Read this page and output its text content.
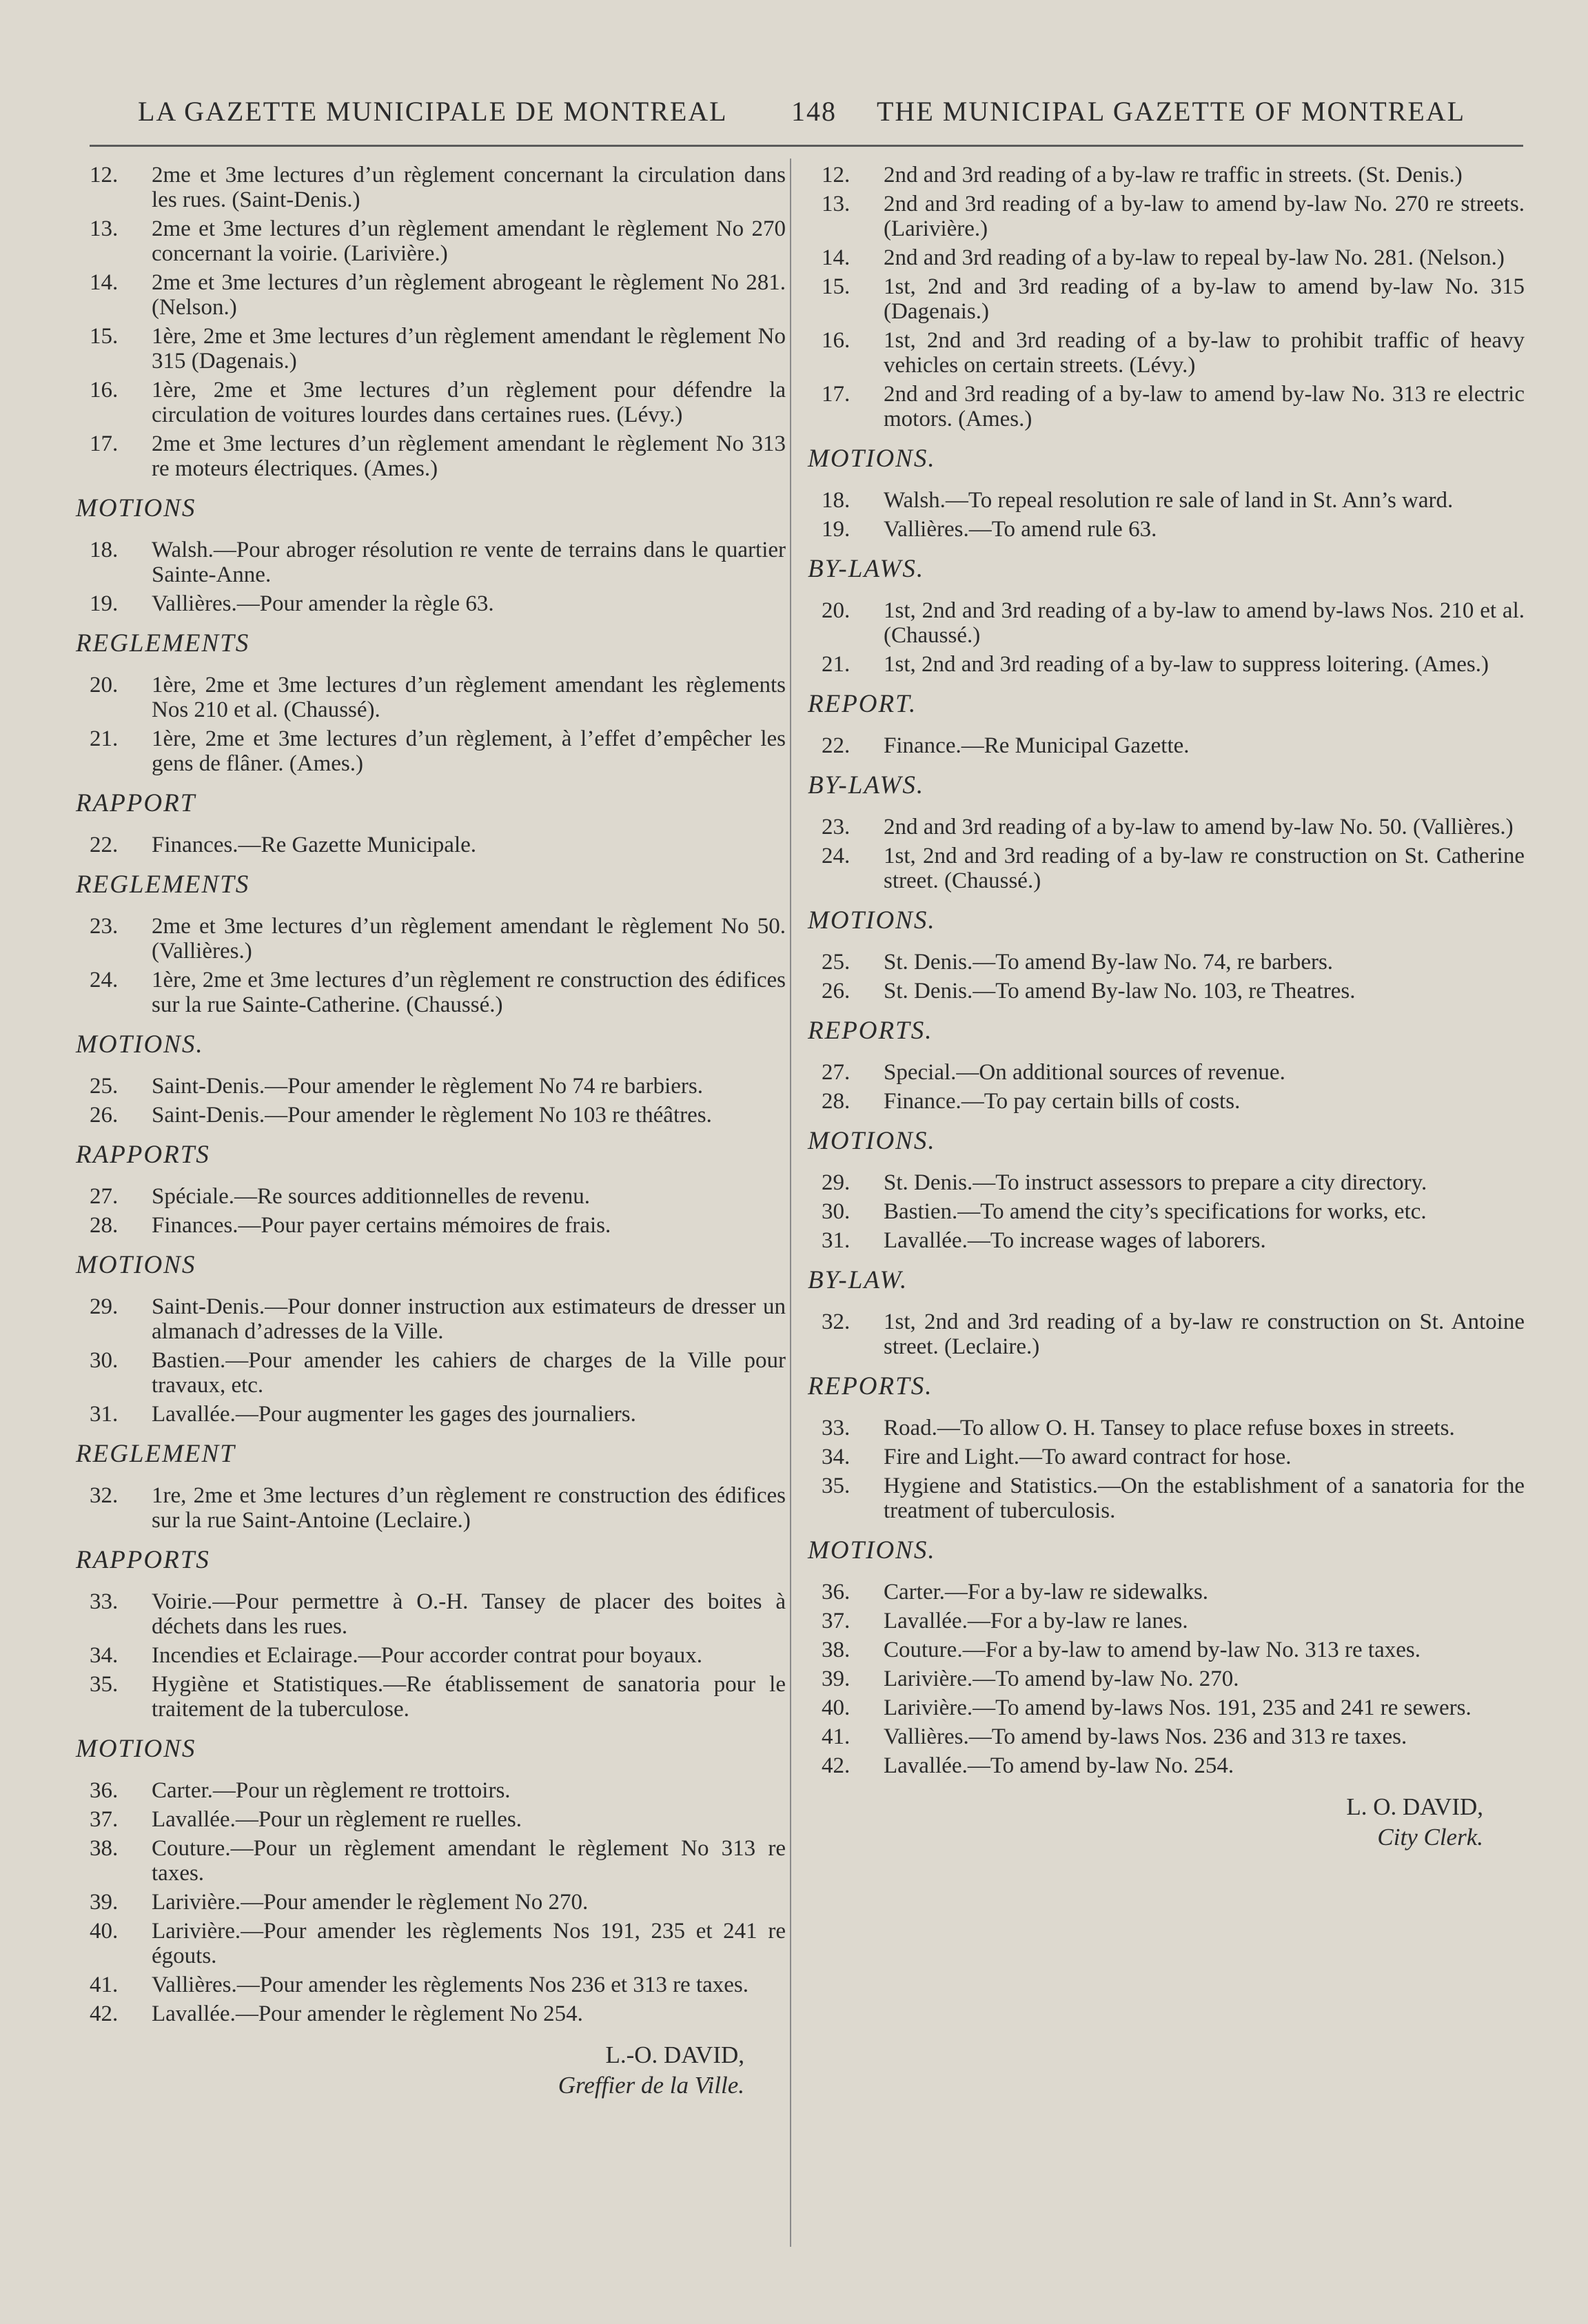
LA GAZETTE MUNICIPALE DE MONTREAL 148 THE MUNICIPAL GAZETTE OF MONTREAL
12.	2me et 3me lectures d’un règlement concernant la circulation dans les rues. (Saint-Denis.)
13.	2me et 3me lectures d’un règlement amendant le règlement No 270 concernant la voirie. (Larivière.)
14.	2me et 3me lectures d’un règlement abrogeant le règlement No 281. (Nelson.)
15.	1ère, 2me et 3me lectures d’un règlement amendant le règlement No 315 (Dagenais.)
16.	1ère, 2me et 3me lectures d’un règlement pour défendre la circulation de voitures lourdes dans certaines rues. (Lévy.)
17.	2me et 3me lectures d’un règlement amendant le règlement No 313 re moteurs électriques. (Ames.)
MOTIONS
18.	Walsh.—Pour abroger résolution re vente de terrains dans le quartier Sainte-Anne.
19.	Vallières.—Pour amender la règle 63.
REGLEMENTS
20.	1ère, 2me et 3me lectures d’un règlement amendant les règlements Nos 210 et al. (Chaussé).
21.	1ère, 2me et 3me lectures d’un règlement, à l’effet d’empêcher les gens de flâner. (Ames.)
RAPPORT
22.	Finances.—Re Gazette Municipale.
REGLEMENTS
23.	2me et 3me lectures d’un règlement amendant le règlement No 50. (Vallières.)
24.	1ère, 2me et 3me lectures d’un règlement re construction des édifices sur la rue Sainte-Catherine. (Chaussé.)
MOTIONS.
25.	Saint-Denis.—Pour amender le règlement No 74 re barbiers.
26.	Saint-Denis.—Pour amender le règlement No 103 re théâtres.
RAPPORTS
27.	Spéciale.—Re sources additionnelles de revenu.
28.	Finances.—Pour payer certains mémoires de frais.
MOTIONS
29.	Saint-Denis.—Pour donner instruction aux estimateurs de dresser un almanach d’adresses de la Ville.
30.	Bastien.—Pour amender les cahiers de charges de la Ville pour travaux, etc.
31.	Lavallée.—Pour augmenter les gages des journaliers.
REGLEMENT
32.	1re, 2me et 3me lectures d’un règlement re construction des édifices sur la rue Saint-Antoine (Leclaire.)
RAPPORTS
33.	Voirie.—Pour permettre à O.-H. Tansey de placer des boites à déchets dans les rues.
34.	Incendies et Eclairage.—Pour accorder contrat pour boyaux.
35.	Hygiène et Statistiques.—Re établissement de sanatoria pour le traitement de la tuberculose.
MOTIONS
36.	Carter.—Pour un règlement re trottoirs.
37.	Lavallée.—Pour un règlement re ruelles.
38.	Couture.—Pour un règlement amendant le règlement No 313 re taxes.
39.	Larivière.—Pour amender le règlement No 270.
40.	Larivière.—Pour amender les règlements Nos 191, 235 et 241 re égouts.
41.	Vallières.—Pour amender les règlements Nos 236 et 313 re taxes.
42.	Lavallée.—Pour amender le règlement No 254.
L.-O. DAVID,
Greffier de la Ville.
12.	2nd and 3rd reading of a by-law re traffic in streets. (St. Denis.)
13.	2nd and 3rd reading of a by-law to amend by-law No. 270 re streets. (Larivière.)
14.	2nd and 3rd reading of a by-law to repeal by-law No. 281. (Nelson.)
15.	1st, 2nd and 3rd reading of a by-law to amend by-law No. 315 (Dagenais.)
16.	1st, 2nd and 3rd reading of a by-law to prohibit traffic of heavy vehicles on certain streets. (Lévy.)
17.	2nd and 3rd reading of a by-law to amend by-law No. 313 re electric motors. (Ames.)
MOTIONS.
18.	Walsh.—To repeal resolution re sale of land in St. Ann’s ward.
19.	Vallières.—To amend rule 63.
BY-LAWS.
20.	1st, 2nd and 3rd reading of a by-law to amend by-laws Nos. 210 et al. (Chaussé.)
21.	1st, 2nd and 3rd reading of a by-law to suppress loitering. (Ames.)
REPORT.
22.	Finance.—Re Municipal Gazette.
BY-LAWS.
23.	2nd and 3rd reading of a by-law to amend by-law No. 50. (Vallières.)
24.	1st, 2nd and 3rd reading of a by-law re construction on St. Catherine street. (Chaussé.)
MOTIONS.
25.	St. Denis.—To amend By-law No. 74, re barbers.
26.	St. Denis.—To amend By-law No. 103, re Theatres.
REPORTS.
27.	Special.—On additional sources of revenue.
28.	Finance.—To pay certain bills of costs.
MOTIONS.
29.	St. Denis.—To instruct assessors to prepare a city directory.
30.	Bastien.—To amend the city’s specifications for works, etc.
31.	Lavallée.—To increase wages of laborers.
BY-LAW.
32.	1st, 2nd and 3rd reading of a by-law re construction on St. Antoine street. (Leclaire.)
REPORTS.
33.	Road.—To allow O. H. Tansey to place refuse boxes in streets.
34.	Fire and Light.—To award contract for hose.
35.	Hygiene and Statistics.—On the establishment of a sanatoria for the treatment of tuberculosis.
MOTIONS.
36.	Carter.—For a by-law re sidewalks.
37.	Lavallée.—For a by-law re lanes.
38.	Couture.—For a by-law to amend by-law No. 313 re taxes.
39.	Larivière.—To amend by-law No. 270.
40.	Larivière.—To amend by-laws Nos. 191, 235 and 241 re sewers.
41.	Vallières.—To amend by-laws Nos. 236 and 313 re taxes.
42.	Lavallée.—To amend by-law No. 254.
L. O. DAVID,
City Clerk.
